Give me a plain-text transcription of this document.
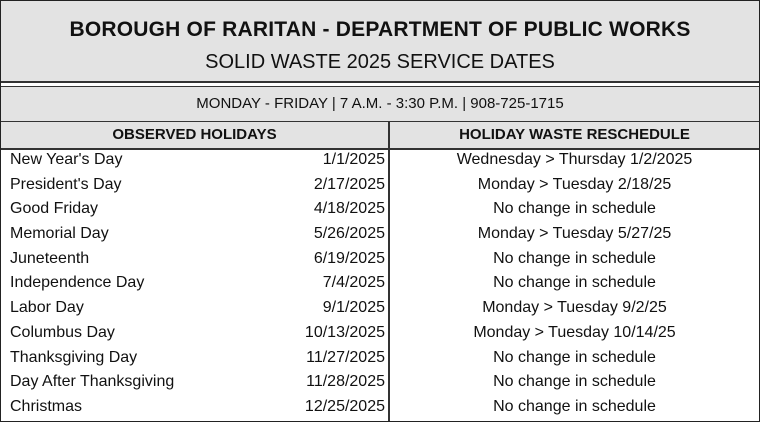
BOROUGH OF RARITAN - DEPARTMENT OF PUBLIC WORKS
SOLID WASTE 2025 SERVICE DATES
MONDAY - FRIDAY | 7 A.M. - 3:30 P.M. | 908-725-1715
OBSERVED HOLIDAYS	HOLIDAY WASTE RESCHEDULE
New Year's Day	1/1/2025	Wednesday > Thursday 1/2/2025
President's Day	2/17/2025	Monday > Tuesday 2/18/25
Good Friday	4/18/2025	No change in schedule
Memorial Day	5/26/2025	Monday > Tuesday 5/27/25
Juneteenth	6/19/2025	No change in schedule
Independence Day	7/4/2025	No change in schedule
Labor Day	9/1/2025	Monday > Tuesday 9/2/25
Columbus Day	10/13/2025	Monday > Tuesday 10/14/25
Thanksgiving Day	11/27/2025	No change in schedule
Day After Thanksgiving	11/28/2025	No change in schedule
Christmas	12/25/2025	No change in schedule
